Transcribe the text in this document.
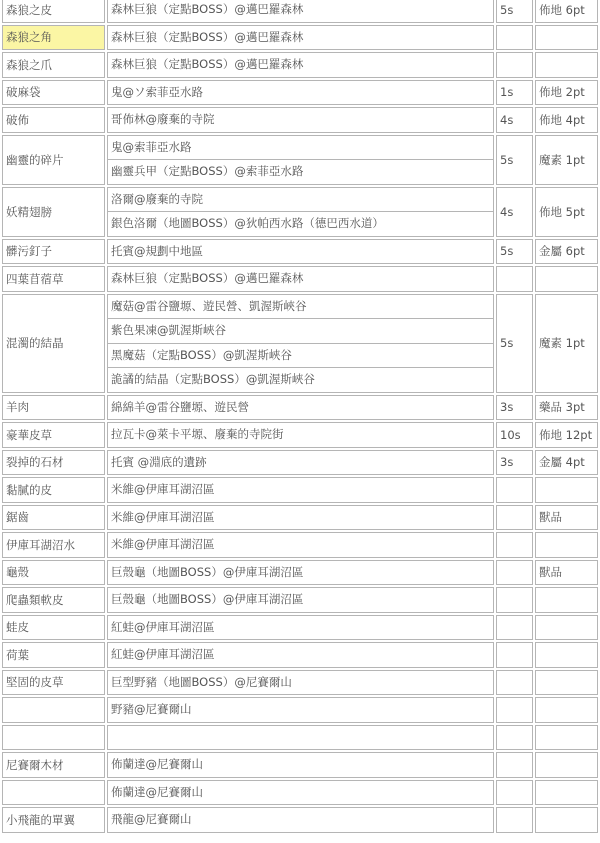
森狼之皮	森林巨狼（定點BOSS）@邁巴羅森林	5s	佈地 6pt
森狼之角	森林巨狼（定點BOSS）@邁巴羅森林		

森狼之爪	森林巨狼（定點BOSS）@邁巴羅森林		

破麻袋	鬼@ソ索菲亞水路	1s	佈地 2pt
破佈	哥佈林@廢棄的寺院	4s	佈地 4pt
幽靈的碎片	鬼@索菲亞水路
幽靈兵甲（定點BOSS）@索菲亞水路	5s	魔素 1pt
妖精翅膀	洛爾@廢棄的寺院
銀色洛爾（地圖BOSS）@狄帕西水路（德巴西水道）	4s	佈地 5pt
髒污釘子	托賓@規劃中地區	5s	金屬 6pt
四葉苜蓿草	森林巨狼（定點BOSS）@邁巴羅森林		

混濁的結晶	魔菇@雷谷鹽塬、遊民營、凱渥斯峽谷
紫色果凍@凱渥斯峽谷
黑魔菇（定點BOSS）@凱渥斯峽谷
詭譎的結晶（定點BOSS）@凱渥斯峽谷	5s	魔素 1pt
羊肉	綿綿羊@雷谷鹽塬、遊民營	3s	藥品 3pt
豪華皮草	拉瓦卡@萊卡平塬、廢棄的寺院街	10s	佈地 12pt
裂掉的石材	托賓 @淵底的遺跡	3s	金屬 4pt
黏膩的皮	米維@伊庫耳湖沼區		

鋸齒	米維@伊庫耳湖沼區		獸品
伊庫耳湖沼水	米維@伊庫耳湖沼區		

龜殼	巨殼龜（地圖BOSS）@伊庫耳湖沼區		獸品
爬蟲類軟皮	巨殼龜（地圖BOSS）@伊庫耳湖沼區		

蛙皮	紅蛙@伊庫耳湖沼區		

荷葉	紅蛙@伊庫耳湖沼區		

堅固的皮草	巨型野豬（地圖BOSS）@尼賽爾山		

	野豬@尼賽爾山		

尼賽爾木材	佈蘭達@尼賽爾山		

	佈蘭達@尼賽爾山		

小飛龍的單翼	飛龍@尼賽爾山		
